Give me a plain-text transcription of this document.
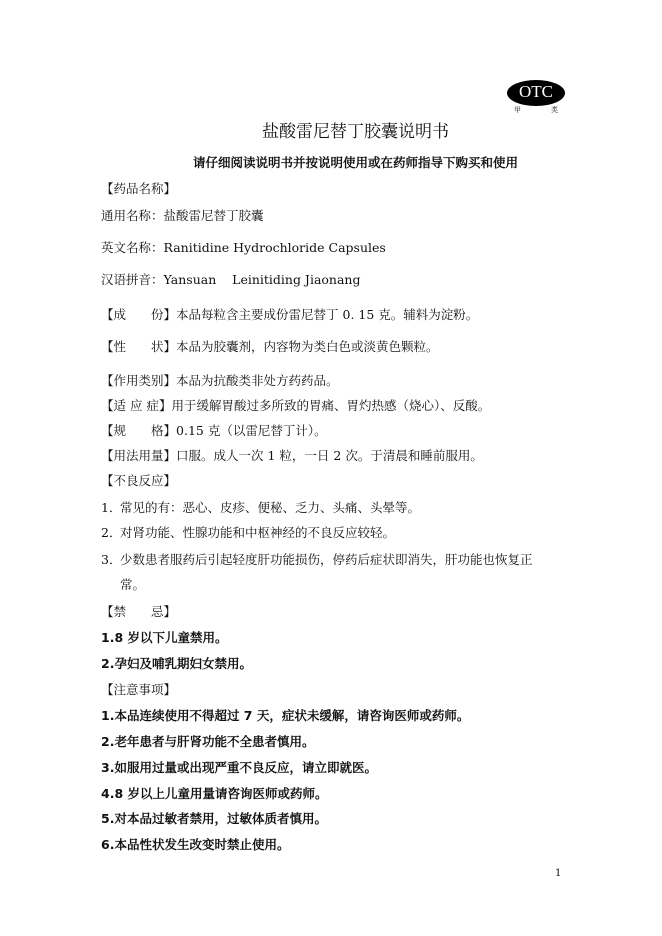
OTC
甲	类
盐酸雷尼替丁胶囊说明书
请仔细阅读说明书并按说明使用或在药师指导下购买和使用
【药品名称】
通用名称：盐酸雷尼替丁胶囊
英文名称：Ranitidine Hydrochloride Capsules
汉语拼音：Yansuan    Leinitiding Jiaonang
【成　　份】本品每粒含主要成份雷尼替丁 0. 15 克。辅料为淀粉。
【性　　状】本品为胶囊剂，内容物为类白色或淡黄色颗粒。
【作用类别】本品为抗酸类非处方药药品。
【适 应 症】用于缓解胃酸过多所致的胃痛、胃灼热感（烧心）、反酸。
【规　　格】0.15 克（以雷尼替丁计）。
【用法用量】口服。成人一次 1 粒，一日 2 次。于清晨和睡前服用。
【不良反应】
1．
常见的有：恶心、皮疹、便秘、乏力、头痛、头晕等。
2．
对肾功能、性腺功能和中枢神经的不良反应较轻。
3．
少数患者服药后引起轻度肝功能损伤，停药后症状即消失，肝功能也恢复正
常。
【禁　　忌】
1.8 岁以下儿童禁用。
2.孕妇及哺乳期妇女禁用。
【注意事项】
1.本品连续使用不得超过 7 天，症状未缓解，请咨询医师或药师。
2.老年患者与肝肾功能不全患者慎用。
3.如服用过量或出现严重不良反应，请立即就医。
4.8 岁以上儿童用量请咨询医师或药师。
5.对本品过敏者禁用，过敏体质者慎用。
6.本品性状发生改变时禁止使用。
1
